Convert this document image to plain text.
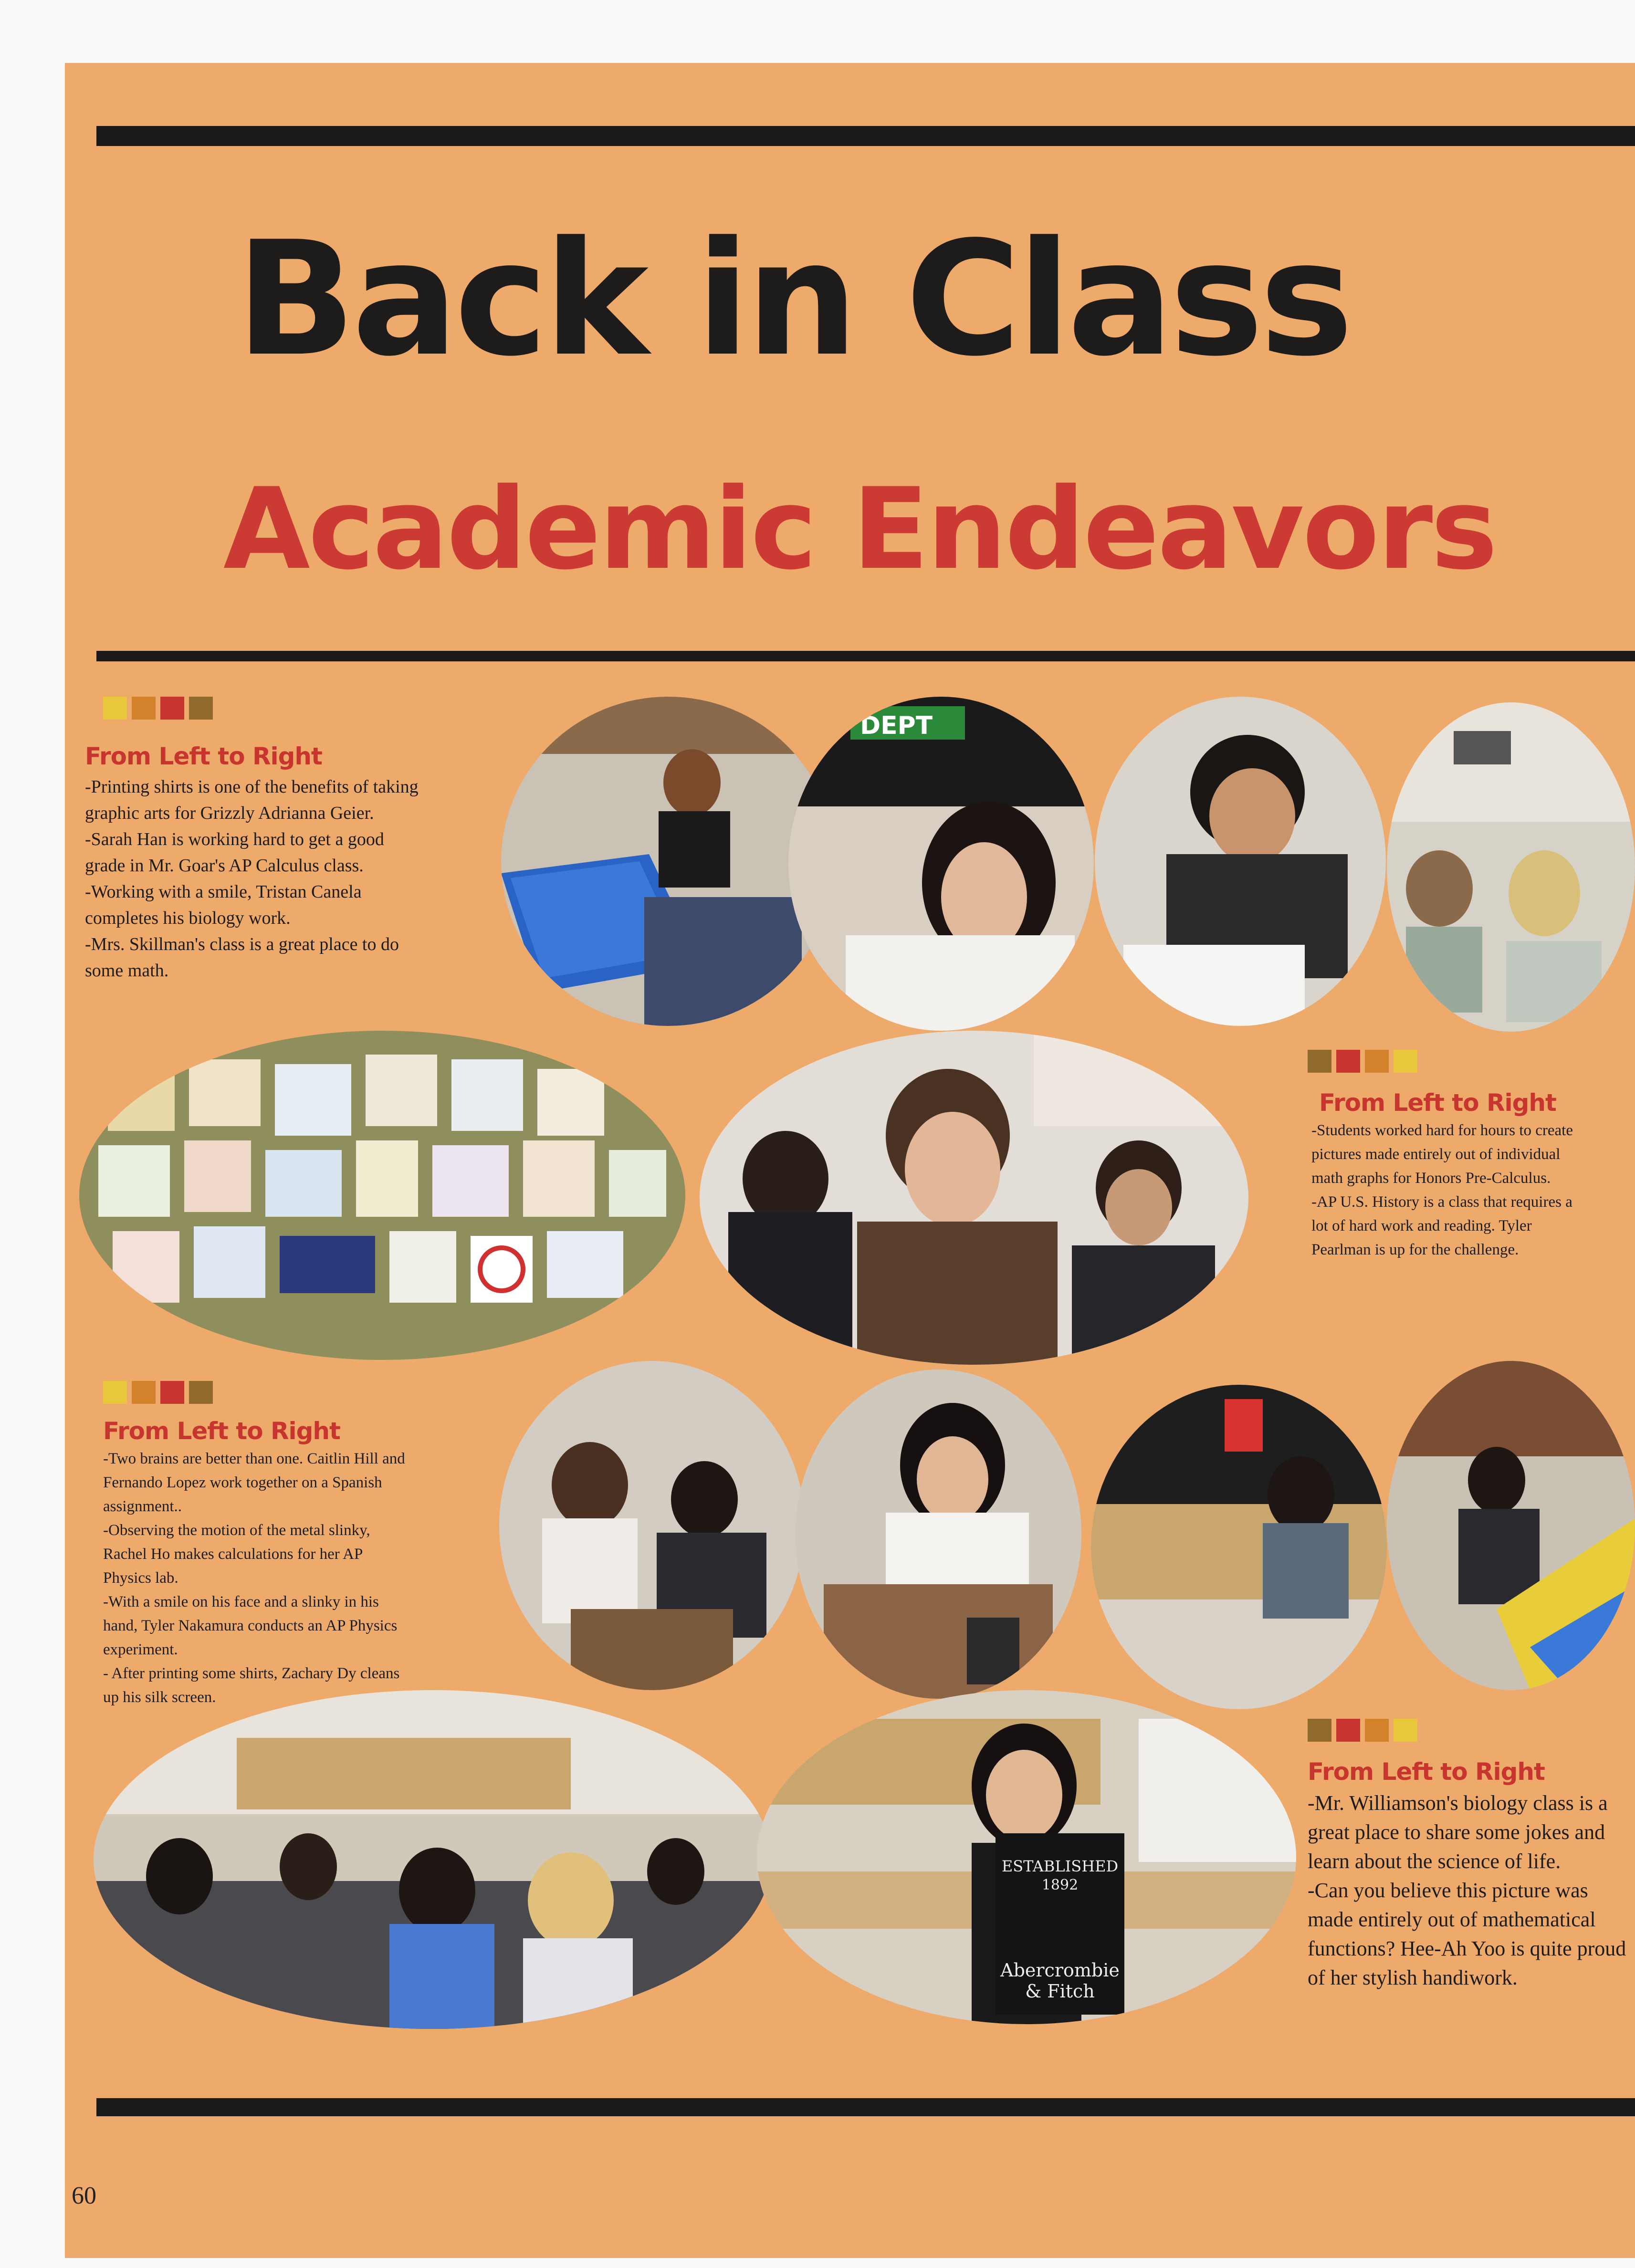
Back in Class
Academic Endeavors
From Left to Right
-Printing shirts is one of the benefits of taking
graphic arts for Grizzly Adrianna Geier.
-Sarah Han is working hard to get a good
grade in Mr. Goar's AP Calculus class.
-Working with a smile, Tristan Canela
completes his biology work.
-Mrs. Skillman's class is a great place to do
some math.
From Left to Right
-Students worked hard for hours to create
pictures made entirely out of individual
math graphs for Honors Pre-Calculus.
-AP U.S. History is a class that requires a
lot of hard work and reading. Tyler
Pearlman is up for the challenge.
From Left to Right
-Two brains are better than one. Caitlin Hill and
Fernando Lopez work together on a Spanish
assignment..
-Observing the motion of the metal slinky,
Rachel Ho makes calculations for her AP
Physics lab.
-With a smile on his face and a slinky in his
hand, Tyler Nakamura conducts an AP Physics
experiment.
- After printing some shirts, Zachary Dy cleans
From Left to Right
-Mr. Williamson's biology class is a
great place to share some jokes and
learn about the science of life.
-Can you believe this picture was
made entirely out of mathematical
functions? Hee-Ah Yoo is quite proud
of her stylish handiwork.
DEPT
ESTABLISHED
1892
Abercrombie
& Fitch
60
